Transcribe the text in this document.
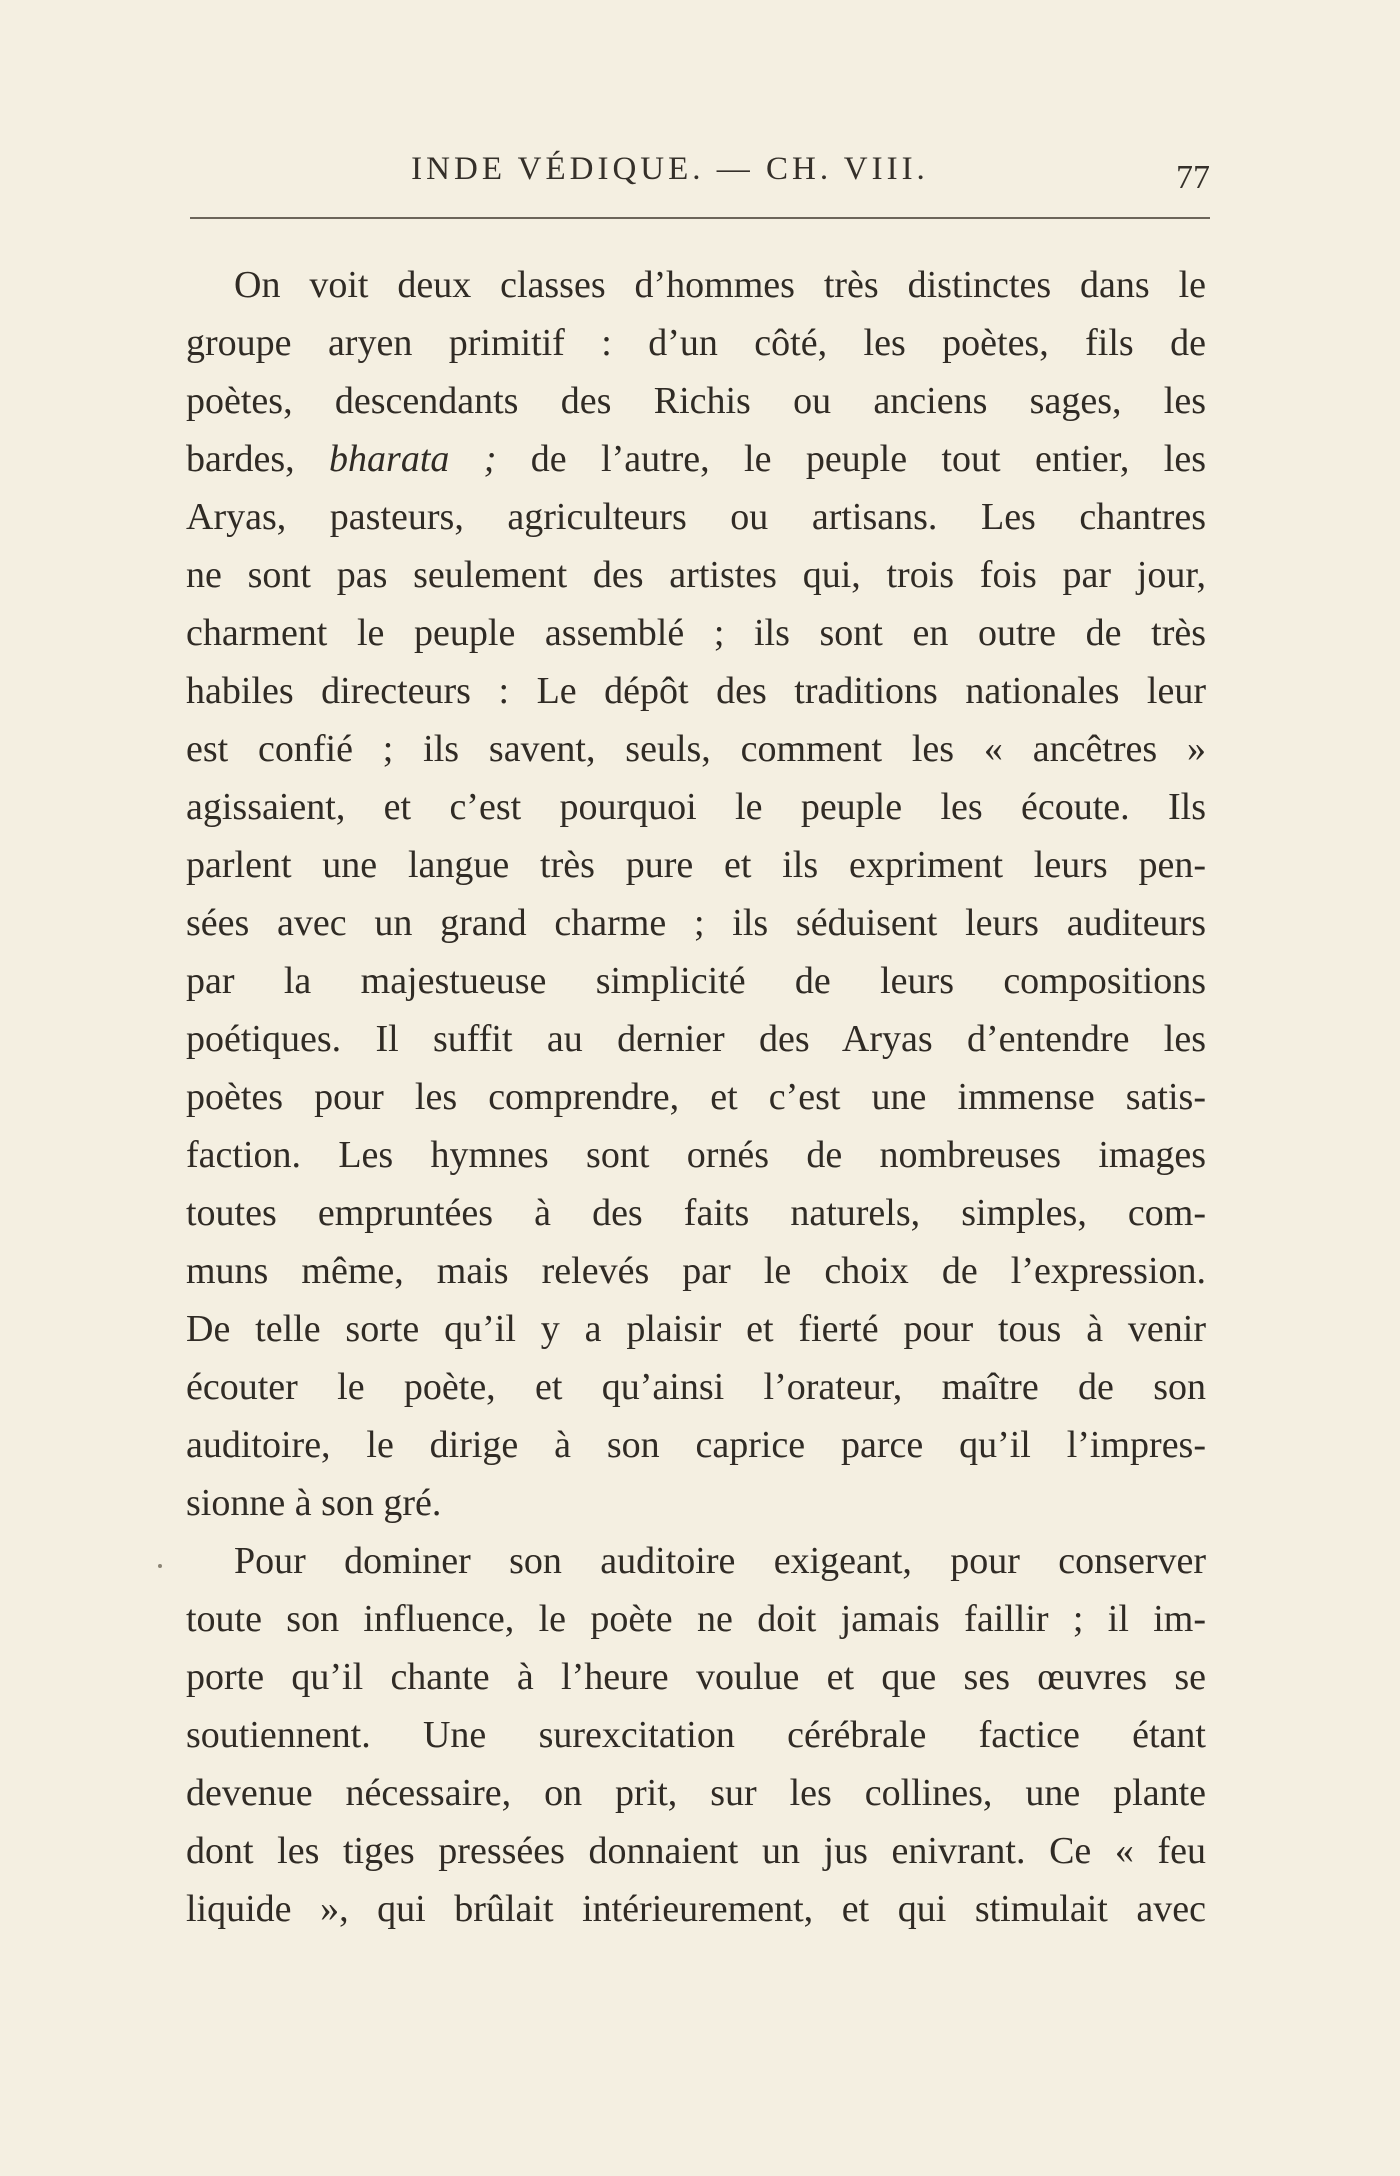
INDE VÉDIQUE. — CH. VIII.	77
On voit deux classes d’hommes très distinctes dans le
groupe aryen primitif : d’un côté, les poètes, fils de
poètes, descendants des Richis ou anciens sages, les
bardes, bharata ; de l’autre, le peuple tout entier, les
Aryas, pasteurs, agriculteurs ou artisans. Les chantres
ne sont pas seulement des artistes qui, trois fois par jour,
charment le peuple assemblé ; ils sont en outre de très
habiles directeurs : Le dépôt des traditions nationales leur
est confié ; ils savent, seuls, comment les « ancêtres »
agissaient, et c’est pourquoi le peuple les écoute. Ils
parlent une langue très pure et ils expriment leurs pen-
sées avec un grand charme ; ils séduisent leurs auditeurs
par la majestueuse simplicité de leurs compositions
poétiques. Il suffit au dernier des Aryas d’entendre les
poètes pour les comprendre, et c’est une immense satis-
faction. Les hymnes sont ornés de nombreuses images
toutes empruntées à des faits naturels, simples, com-
muns même, mais relevés par le choix de l’expression.
De telle sorte qu’il y a plaisir et fierté pour tous à venir
écouter le poète, et qu’ainsi l’orateur, maître de son
auditoire, le dirige à son caprice parce qu’il l’impres-
sionne à son gré.
Pour dominer son auditoire exigeant, pour conserver
toute son influence, le poète ne doit jamais faillir ; il im-
porte qu’il chante à l’heure voulue et que ses œuvres se
soutiennent. Une surexcitation cérébrale factice étant
devenue nécessaire, on prit, sur les collines, une plante
dont les tiges pressées donnaient un jus enivrant. Ce « feu
liquide », qui brûlait intérieurement, et qui stimulait avec
